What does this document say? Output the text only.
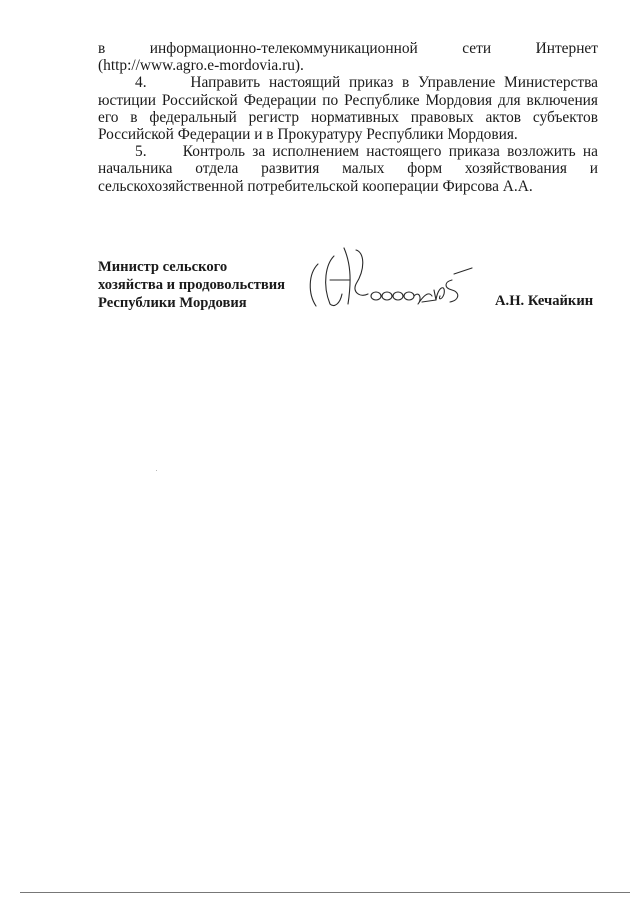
в	информационно-телекоммуникационной	сети	Интернет
(http://www.agro.e-mordovia.ru).
4.     Направить настоящий приказ в Управление Министерства юстиции Российской Федерации по Республике Мордовия для включения его в федеральный регистр нормативных правовых актов субъектов Российской Федерации и в Прокуратуру Республики Мордовия.
5.     Контроль за исполнением настоящего приказа возложить на начальника отдела развития малых форм хозяйствования и сельскохозяйственной потребительской кооперации Фирсова А.А.
Министр сельского
хозяйства и продовольствия
Республики Мордовия	А.Н. Кечайкин
